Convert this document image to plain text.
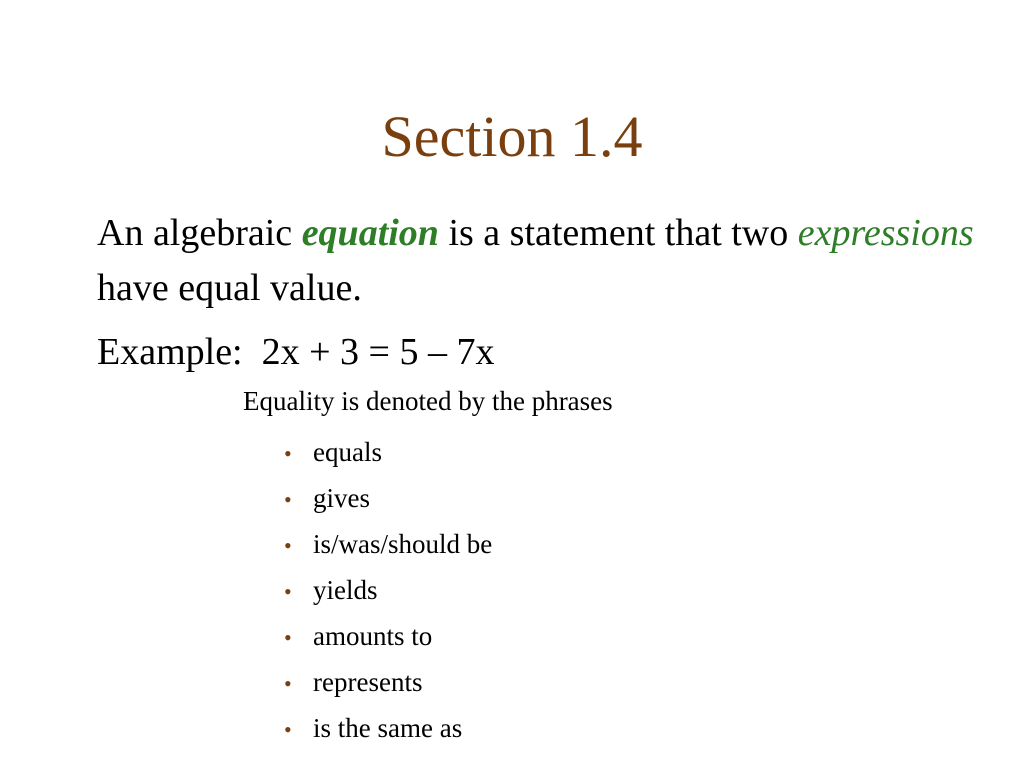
Section 1.4
An algebraic equation is a statement that two expressions have equal value.
Example:  2x + 3 = 5 – 7x
Equality is denoted by the phrases
• equals
• gives
• is/was/should be
• yields
• amounts to
• represents
• is the same as
